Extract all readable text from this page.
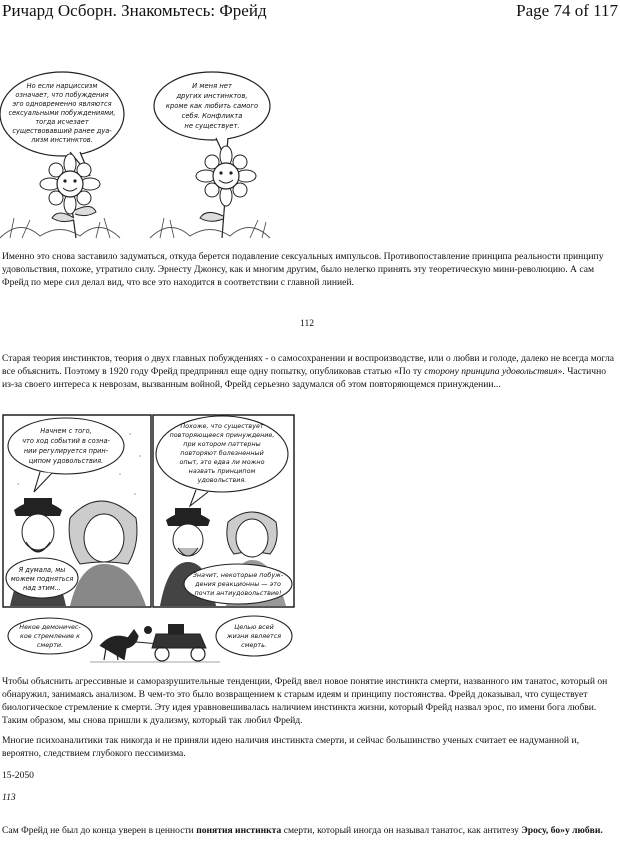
Ричард Осборн. Знакомьтесь: Фрейд	Page 74 of 117
Но если нарциссизм
означает, что побуждения
эго одновременно являются
сексуальными побуждениями,
тогда исчезает
существовавший ранее дуа-
лизм инстинктов.
И меня нет
других инстинктов,
кроме как любить самого
себя. Конфликта
не существует.
Именно это снова заставило задуматься, откуда берется подавление сексуальных импульсов. Противопоставление принципа реальности принципу удовольствия, похоже, утратило силу. Эрнесту Джонсу, как и многим другим, было нелегко принять эту теоретическую мини-революцию. А сам Фрейд по мере сил делал вид, что все это находится в соответствии с главной линией.
112
Старая теория инстинктов, теория о двух главных побуждениях - о самосохранении и воспроизводстве, или о любви и голоде, далеко не всегда могла все объяснить. Поэтому в 1920 году Фрейд предпринял еще одну попытку, опубликовав статью «По ту сторону принципа удовольствия». Частично из-за своего интереса к неврозам, вызванным войной, Фрейд серьезно задумался об этом повторяющемся принуждении...
Начнем с того,
что ход событий в созна-
нии регулируется прин-
ципом удовольствия.
Я думала, мы
можем подняться
над этим...
Похоже, что существует
повторяющееся принуждение,
при котором паттерны
повторяют болезненный
опыт, это едва ли можно
назвать принципом
удовольствия.
Значит, некоторые побуж-
дения реакционны — это
почти антиудовольствие!
Некое демоничес-
кое стремление к
смерти.
Целью всей
жизни является
смерть.
Чтобы объяснить агрессивные и саморазрушительные тенденции, Фрейд ввел новое понятие инстинкта смерти, названного им танатос, который он обнаружил, занимаясь анализом. В чем-то это было возвращением к старым идеям и принципу постоянства. Фрейд доказывал, что существует биологическое стремление к смерти. Эту идея уравновешивалась наличием инстинкта жизни, который Фрейд назвал эрос, по имени бога любви. Таким образом, мы снова пришли к дуализму, который так любил Фрейд.
Многие психоаналитики так никогда и не приняли идею наличия инстинкта смерти, и сейчас большинство ученых считает ее надуманной и, вероятно, следствием глубокого пессимизма.
15-2050
113
Сам Фрейд не был до конца уверен в ценности понятия инстинкта смерти, который иногда он называл танатос, как антитезу Эросу, бо»у любви.
